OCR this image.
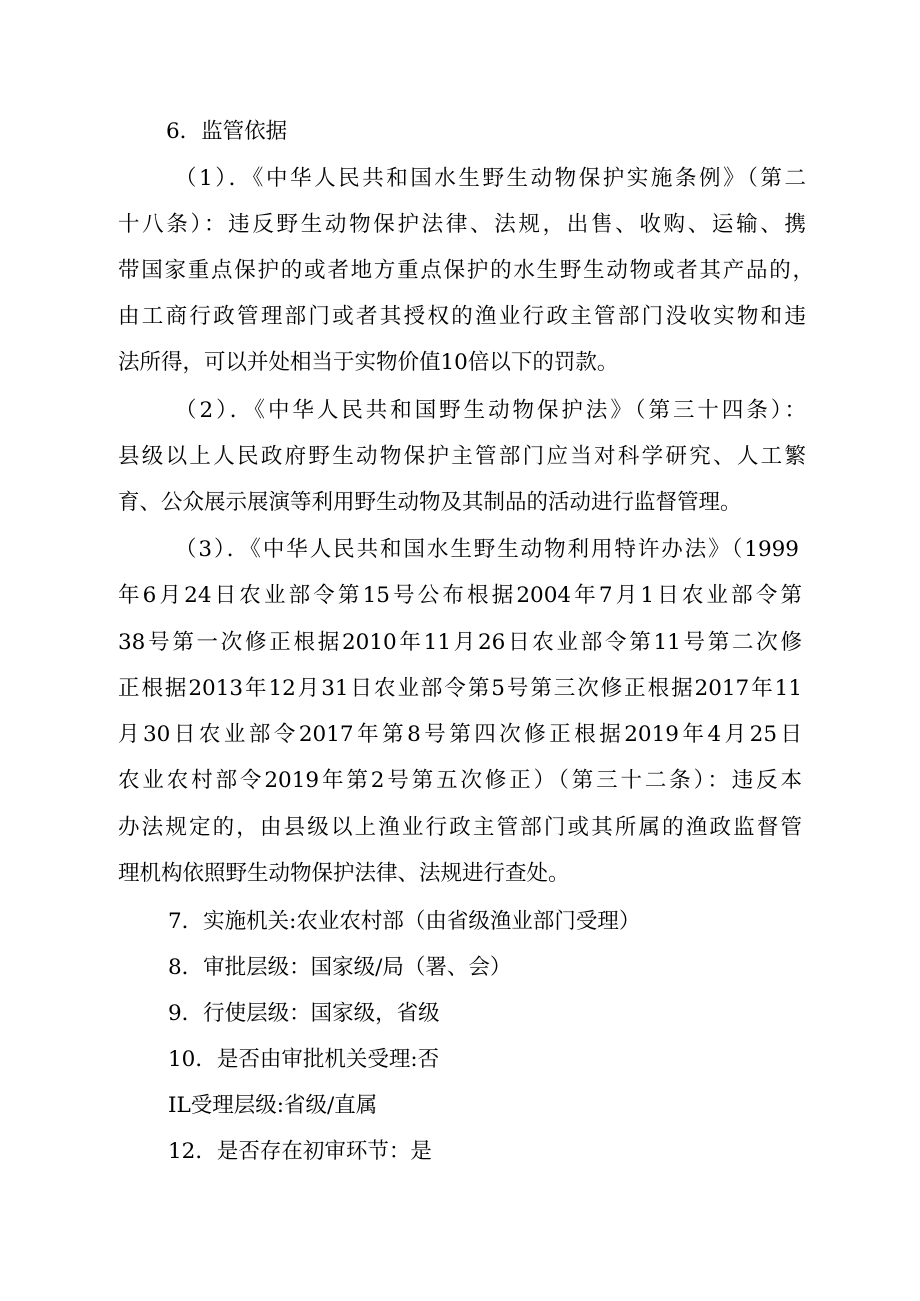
6．监管依据
（1）．《中华人民共和国水生野生动物保护实施条例》（第二
十八条）：违反野生动物保护法律、法规，出售、收购、运输、携
带国家重点保护的或者地方重点保护的水生野生动物或者其产品的，
由工商行政管理部门或者其授权的渔业行政主管部门没收实物和违
法所得，可以并处相当于实物价值10倍以下的罚款。
（2）．《中华人民共和国野生动物保护法》（第三十四条）：
县级以上人民政府野生动物保护主管部门应当对科学研究、人工繁
育、公众展示展演等利用野生动物及其制品的活动进行监督管理。
（3）．《中华人民共和国水生野生动物利用特许办法》（1999
年6月24日农业部令第15号公布根据2004年7月1日农业部令第
38号第一次修正根据2010年11月26日农业部令第11号第二次修
正根据2013年12月31日农业部令第5号第三次修正根据2017年11
月30日农业部令2017年第8号第四次修正根据2019年4月25日
农业农村部令2019年第2号第五次修正）（第三十二条）：违反本
办法规定的，由县级以上渔业行政主管部门或其所属的渔政监督管
理机构依照野生动物保护法律、法规进行查处。
7．实施机关:农业农村部（由省级渔业部门受理）
8．审批层级：国家级/局（署、会）
9．行使层级：国家级，省级
10．是否由审批机关受理:否
IL受理层级:省级/直属
12．是否存在初审环节：是
